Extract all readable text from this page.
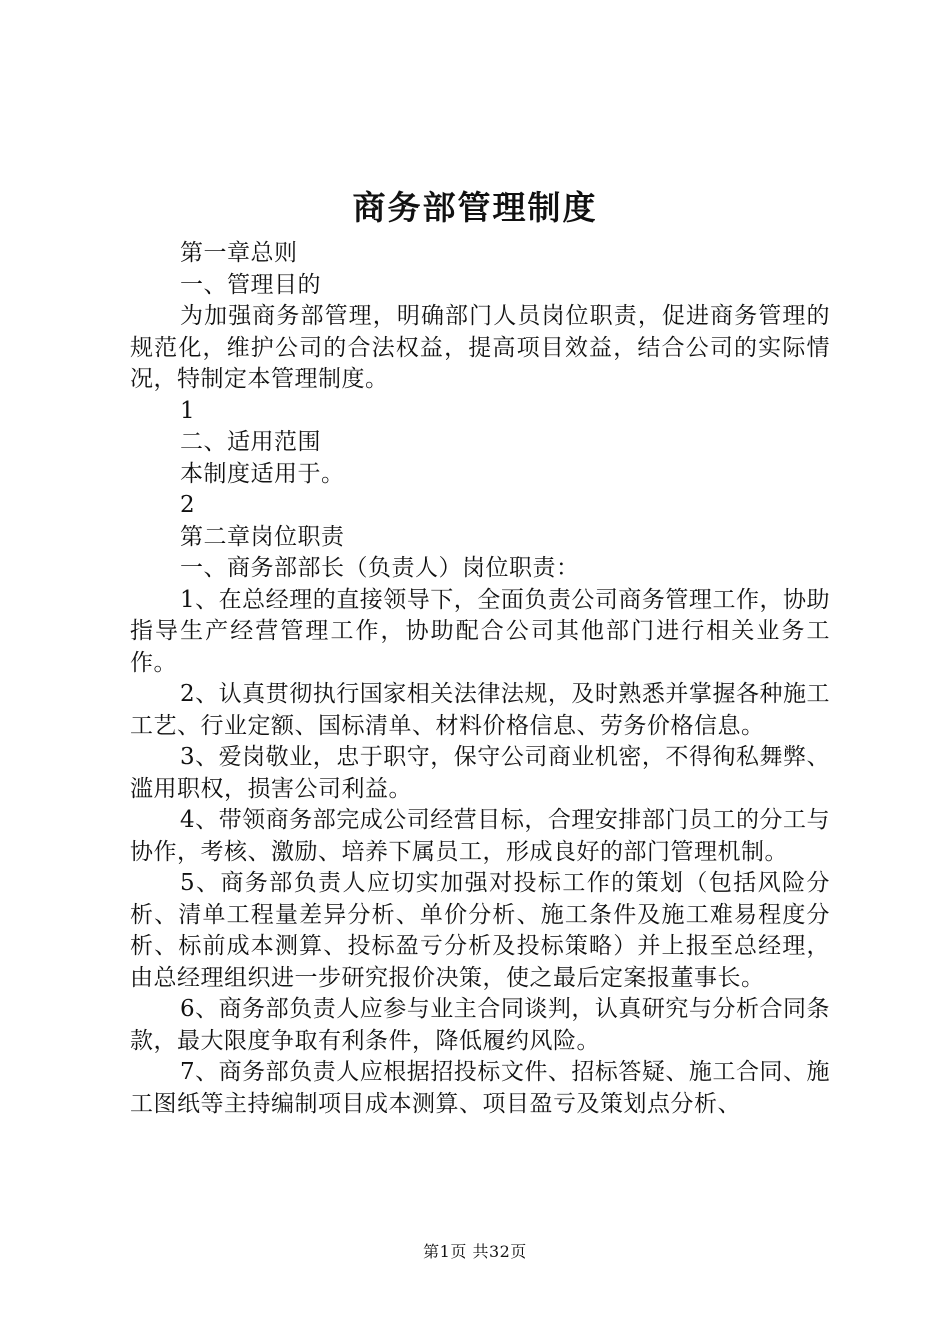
商务部管理制度

第一章总则

一、管理目的

为加强商务部管理，明确部门人员岗位职责，促进商务管理的规范化，维护公司的合法权益，提高项目效益，结合公司的实际情况，特制定本管理制度。

1

二、适用范围

本制度适用于。

2

第二章岗位职责

一、商务部部长（负责人）岗位职责：

1、在总经理的直接领导下，全面负责公司商务管理工作，协助指导生产经营管理工作，协助配合公司其他部门进行相关业务工作。

2、认真贯彻执行国家相关法律法规，及时熟悉并掌握各种施工工艺、行业定额、国标清单、材料价格信息、劳务价格信息。

3、爱岗敬业，忠于职守，保守公司商业机密，不得徇私舞弊、滥用职权，损害公司利益。

4、带领商务部完成公司经营目标，合理安排部门员工的分工与协作，考核、激励、培养下属员工，形成良好的部门管理机制。

5、商务部负责人应切实加强对投标工作的策划（包括风险分析、清单工程量差异分析、单价分析、施工条件及施工难易程度分析、标前成本测算、投标盈亏分析及投标策略）并上报至总经理，由总经理组织进一步研究报价决策，使之最后定案报董事长。

6、商务部负责人应参与业主合同谈判，认真研究与分析合同条款，最大限度争取有利条件，降低履约风险。

7、商务部负责人应根据招投标文件、招标答疑、施工合同、施工图纸等主持编制项目成本测算、项目盈亏及策划点分析、

第1页 共32页
